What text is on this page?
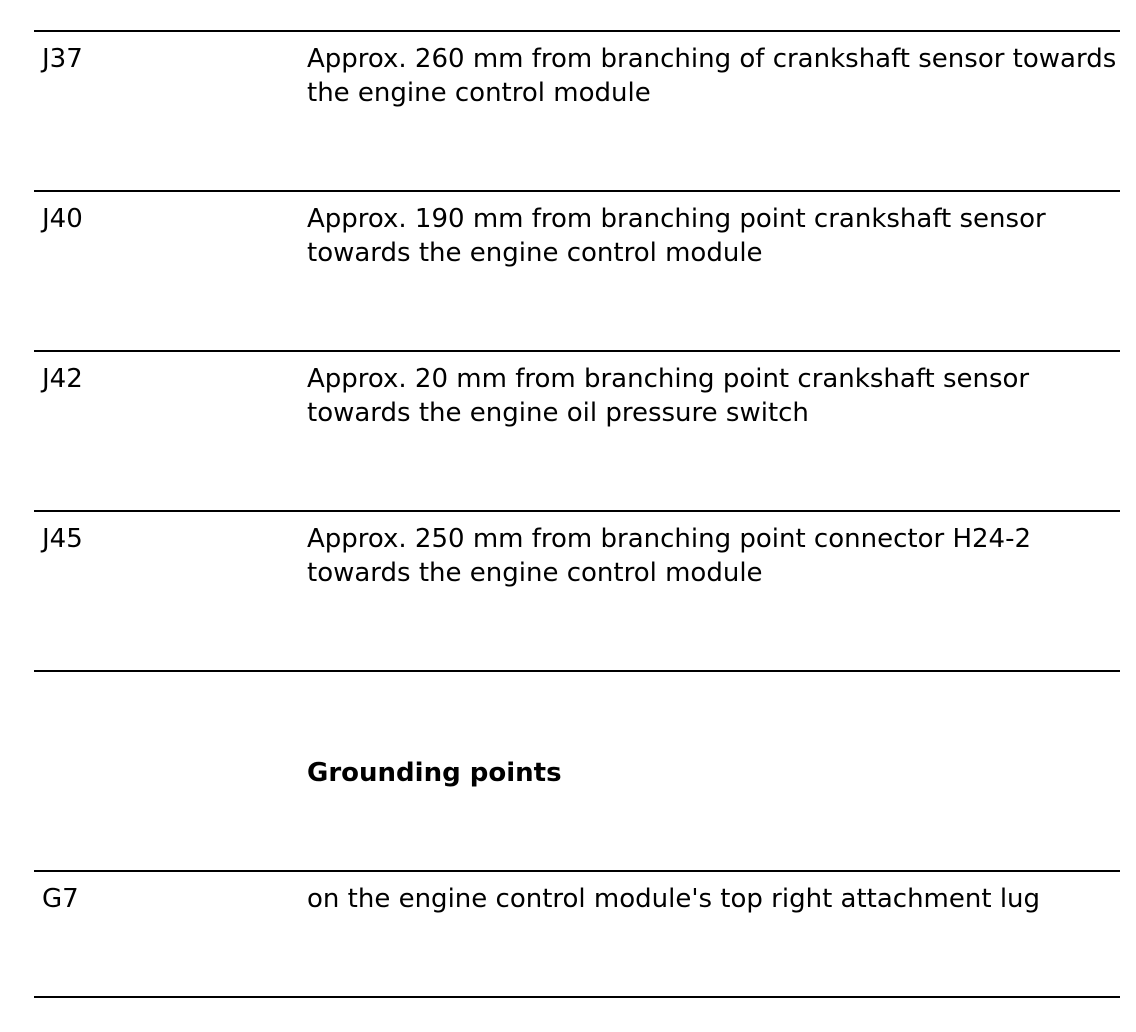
J37	Approx. 260 mm from branching of crankshaft sensor towards the engine control module
J40	Approx. 190 mm from branching point crankshaft sensor towards the engine control module
J42	Approx. 20 mm from branching point crankshaft sensor towards the engine oil pressure switch
J45	Approx. 250 mm from branching point connector H24-2 towards the engine control module
Grounding points
G7	on the engine control module's top right attachment lug
